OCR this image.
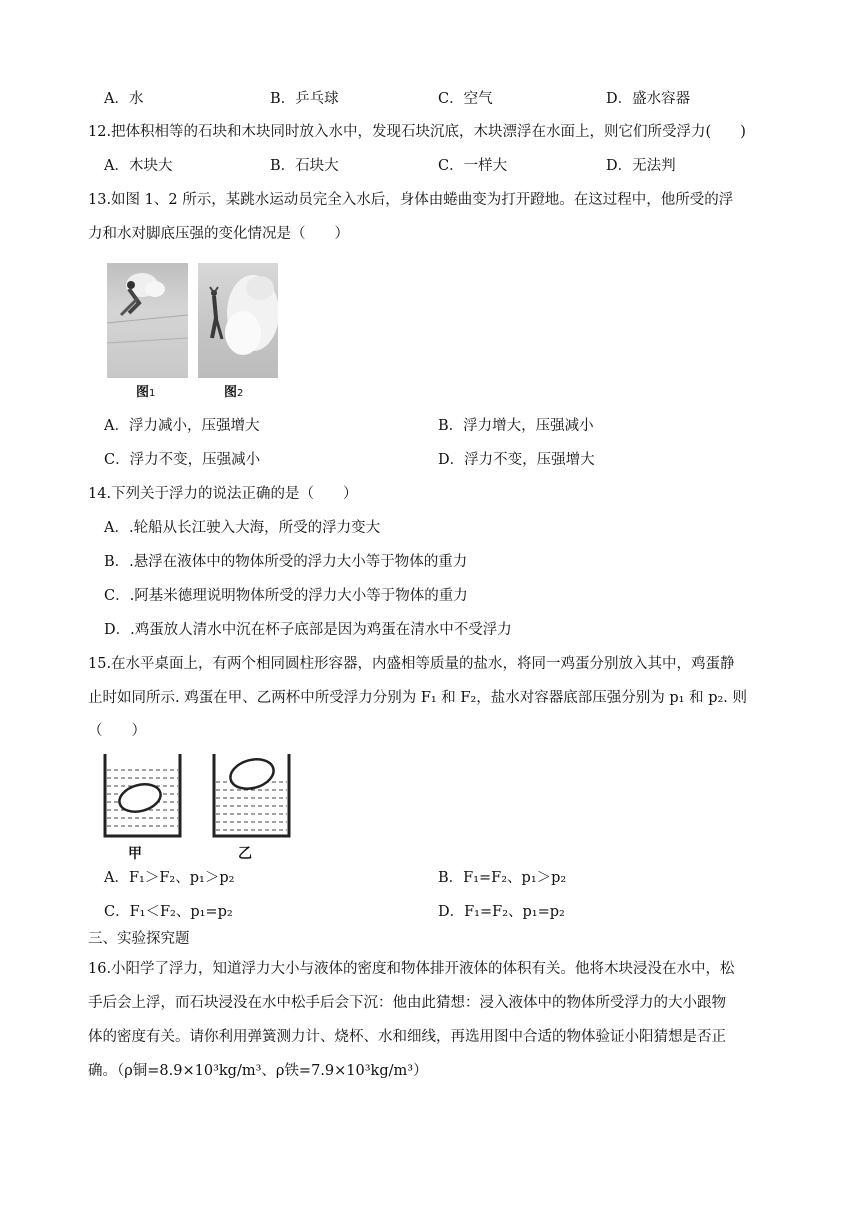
A．水	B．乒乓球	C．空气	D．盛水容器
12.把体积相等的石块和木块同时放入水中，发现石块沉底，木块漂浮在水面上，则它们所受浮力(　　)
A．木块大	B．石块大	C．一样大	D．无法判
13.如图 1、2 所示，某跳水运动员完全入水后，身体由蜷曲变为打开蹬地。在这过程中，他所受的浮
力和水对脚底压强的变化情况是（　　）
图1	图2
A．浮力减小，压强增大	B．浮力增大，压强减小
C．浮力不变，压强减小	D．浮力不变，压强增大
14.下列关于浮力的说法正确的是（　　）
A．.轮船从长江驶入大海，所受的浮力变大
B．.悬浮在液体中的物体所受的浮力大小等于物体的重力
C．.阿基米德理说明物体所受的浮力大小等于物体的重力
D．.鸡蛋放人清水中沉在杯子底部是因为鸡蛋在清水中不受浮力
15.在水平桌面上，有两个相同圆柱形容器，内盛相等质量的盐水，将同一鸡蛋分别放入其中，鸡蛋静
止时如同所示. 鸡蛋在甲、乙两杯中所受浮力分别为 F₁ 和 F₂，盐水对容器底部压强分别为 p₁ 和 p₂. 则
（　　）
甲	乙
A．F₁＞F₂、p₁＞p₂	B．F₁=F₂、p₁＞p₂
C．F₁＜F₂、p₁=p₂	D．F₁=F₂、p₁=p₂
三、实验探究题
16.小阳学了浮力，知道浮力大小与液体的密度和物体排开液体的体积有关。他将木块浸没在水中，松
手后会上浮，而石块浸没在水中松手后会下沉：他由此猜想：浸入液体中的物体所受浮力的大小跟物
体的密度有关。请你利用弹簧测力计、烧杯、水和细线，再选用图中合适的物体验证小阳猜想是否正
确。（ρ铜=8.9×10³kg/m³、ρ铁=7.9×10³kg/m³）
